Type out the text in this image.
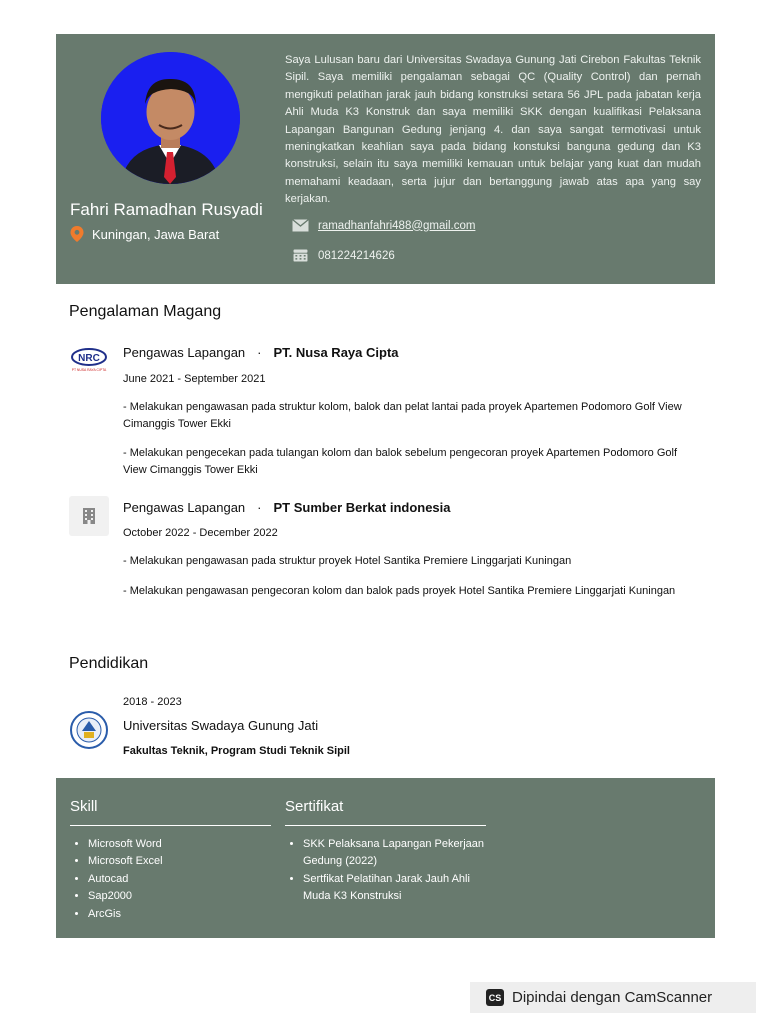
Fahri Ramadhan Rusyadi
Kuningan, Jawa Barat
Saya Lulusan baru dari Universitas Swadaya Gunung Jati Cirebon Fakultas Teknik Sipil. Saya memiliki pengalaman sebagai QC (Quality Control) dan pernah mengikuti pelatihan jarak jauh bidang konstruksi setara 56 JPL pada jabatan kerja Ahli Muda K3 Konstruk dan saya memiliki SKK dengan kualifikasi Pelaksana Lapangan Bangunan Gedung jenjang 4. dan saya sangat termotivasi untuk meningkatkan keahlian saya pada bidang konstuksi banguna gedung dan K3 konstruksi, selain itu saya memiliki kemauan untuk belajar yang kuat dan mudah memahami keadaan, serta jujur dan bertanggung jawab atas apa yang say kerjakan.
ramadhanfahri488@gmail.com
081224214626
Pengalaman Magang
NRC
PT NUSA RAYA CIPTA
Pengawas Lapangan · PT. Nusa Raya Cipta
June 2021 - September 2021
- Melakukan pengawasan pada struktur kolom, balok dan pelat lantai pada proyek Apartemen Podomoro Golf View Cimanggis Tower Ekki
- Melakukan pengecekan pada tulangan kolom dan balok sebelum pengecoran proyek Apartemen Podomoro Golf View Cimanggis Tower Ekki
Pengawas Lapangan · PT Sumber Berkat indonesia
October 2022 - December 2022
- Melakukan pengawasan pada struktur proyek Hotel Santika Premiere Linggarjati Kuningan
- Melakukan pengawasan pengecoran kolom dan balok pads proyek Hotel Santika Premiere Linggarjati Kuningan
Pendidikan
2018 - 2023
Universitas Swadaya Gunung Jati
Fakultas Teknik, Program Studi Teknik Sipil
Skill
• Microsoft Word
• Microsoft Excel
• Autocad
• Sap2000
• ArcGis
Sertifikat
• SKK Pelaksana Lapangan Pekerjaan Gedung (2022)
• Sertfikat Pelatihan Jarak Jauh Ahli Muda K3 Konstruksi
CS Dipindai dengan CamScanner
